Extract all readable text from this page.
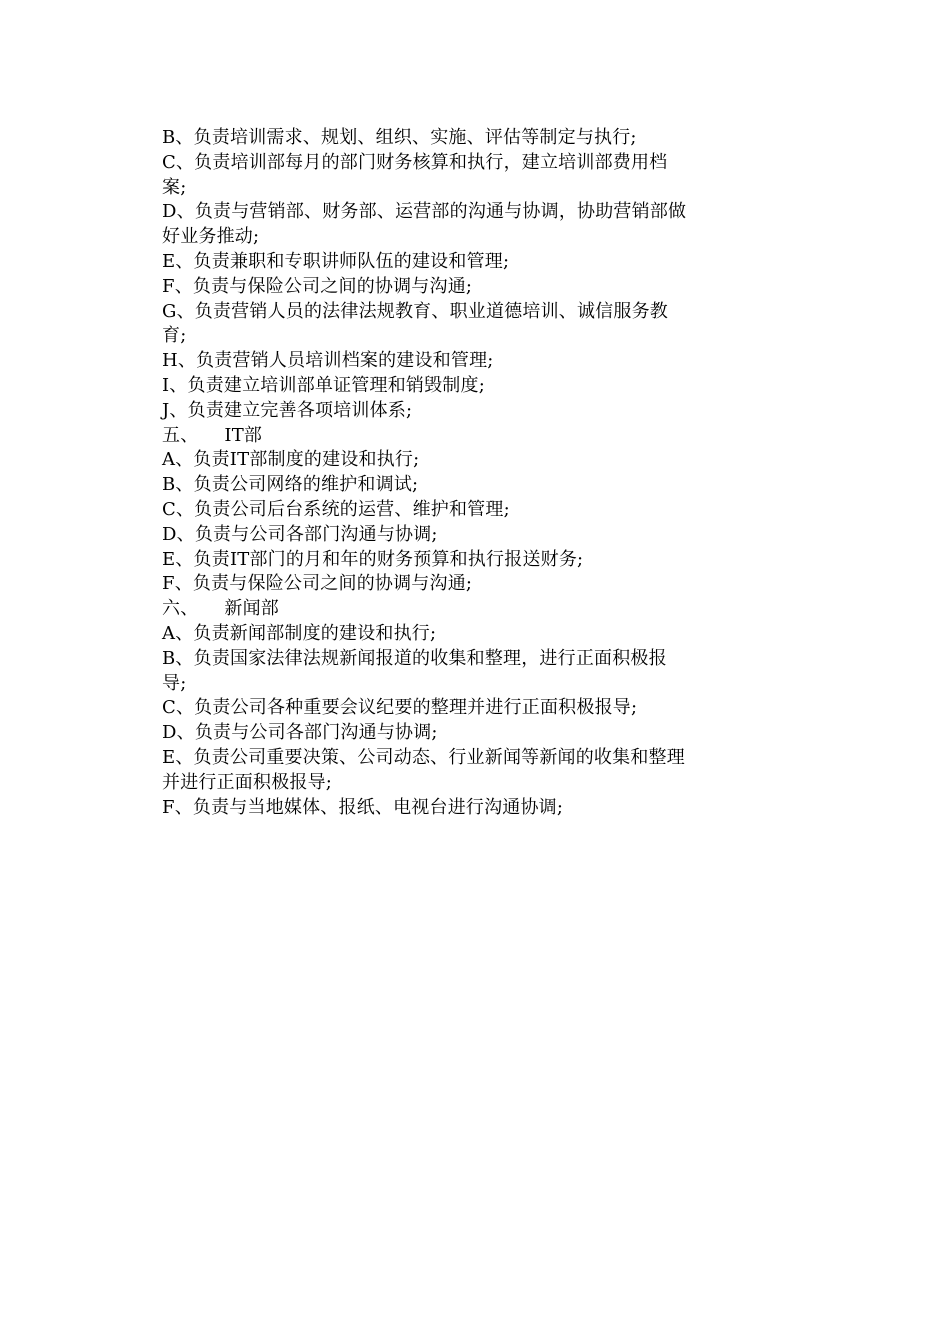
B、负责培训需求、规划、组织、实施、评估等制定与执行;
C、负责培训部每月的部门财务核算和执行，建立培训部费用档
案;
D、负责与营销部、财务部、运营部的沟通与协调，协助营销部做
好业务推动;
E、负责兼职和专职讲师队伍的建设和管理;
F、负责与保险公司之间的协调与沟通;
G、负责营销人员的法律法规教育、职业道德培训、诚信服务教
育;
H、负责营销人员培训档案的建设和管理;
I、负责建立培训部单证管理和销毁制度;
J、负责建立完善各项培训体系;
五、 IT部
A、负责IT部制度的建设和执行;
B、负责公司网络的维护和调试;
C、负责公司后台系统的运营、维护和管理;
D、负责与公司各部门沟通与协调;
E、负责IT部门的月和年的财务预算和执行报送财务;
F、负责与保险公司之间的协调与沟通;
六、 新闻部
A、负责新闻部制度的建设和执行;
B、负责国家法律法规新闻报道的收集和整理，进行正面积极报
导;
C、负责公司各种重要会议纪要的整理并进行正面积极报导;
D、负责与公司各部门沟通与协调;
E、负责公司重要决策、公司动态、行业新闻等新闻的收集和整理
并进行正面积极报导;
F、负责与当地媒体、报纸、电视台进行沟通协调;
